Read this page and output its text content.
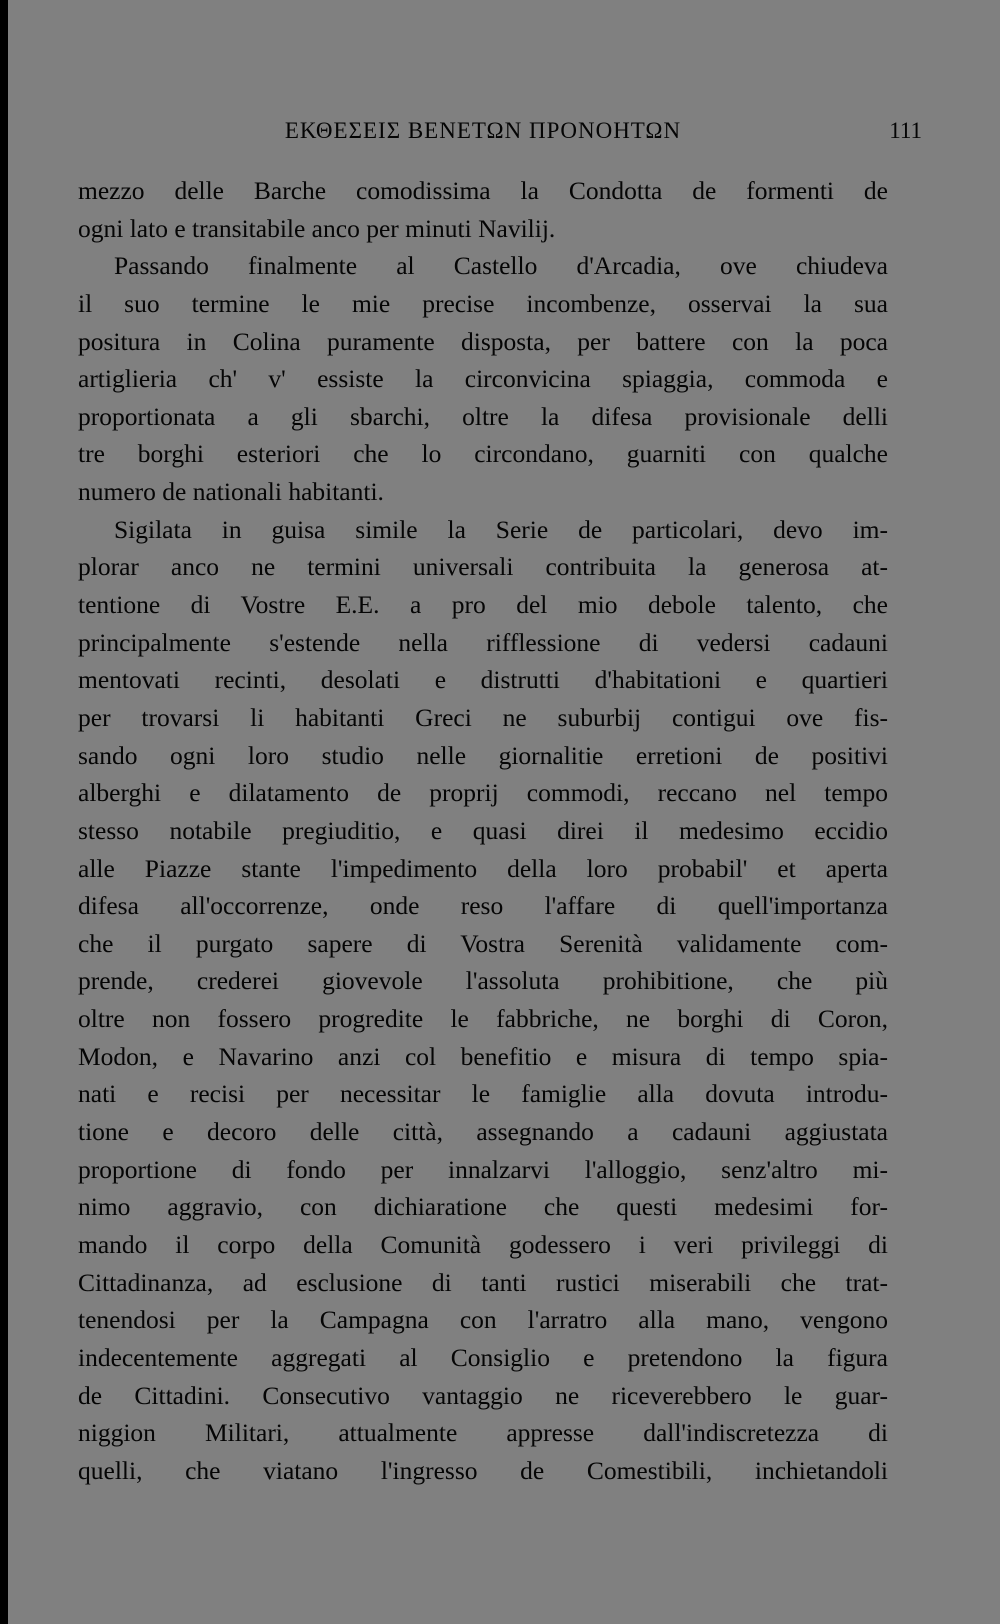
ΕΚΘΕΣΕΙΣ ΒΕΝΕΤΩΝ ΠΡΟΝΟΗΤΩΝ	111
mezzo delle Barche comodissima la Condotta de formenti de
ogni lato e transitabile anco per minuti Navilij.
Passando finalmente al Castello d'Arcadia, ove chiudeva
il suo termine le mie precise incombenze, osservai la sua
positura in Colina puramente disposta, per battere con la poca
artiglieria ch' v' essiste la circonvicina spiaggia, commoda e
proportionata a gli sbarchi, oltre la difesa provisionale delli
tre borghi esteriori che lo circondano, guarniti con qualche
numero de nationali habitanti.
Sigilata in guisa simile la Serie de particolari, devo im-
plorar anco ne termini universali contribuita la generosa at-
tentione di Vostre E.E. a pro del mio debole talento, che
principalmente s'estende nella rifflessione di vedersi cadauni
mentovati recinti, desolati e distrutti d'habitationi e quartieri
per trovarsi li habitanti Greci ne suburbij contigui ove fis-
sando ogni loro studio nelle giornalitie erretioni de positivi
alberghi e dilatamento de proprij commodi, reccano nel tempo
stesso notabile pregiuditio, e quasi direi il medesimo eccidio
alle Piazze stante l'impedimento della loro probabil' et aperta
difesa all'occorrenze, onde reso l'affare di quell'importanza
che il purgato sapere di Vostra Serenità validamente com-
prende, crederei giovevole l'assoluta prohibitione, che più
oltre non fossero progredite le fabbriche, ne borghi di Coron,
Modon, e Navarino anzi col benefitio e misura di tempo spia-
nati e recisi per necessitar le famiglie alla dovuta introdu-
tione e decoro delle città, assegnando a cadauni aggiustata
proportione di fondo per innalzarvi l'alloggio, senz'altro mi-
nimo aggravio, con dichiaratione che questi medesimi for-
mando il corpo della Comunità godessero i veri privileggi di
Cittadinanza, ad esclusione di tanti rustici miserabili che trat-
tenendosi per la Campagna con l'arratro alla mano, vengono
indecentemente aggregati al Consiglio e pretendono la figura
de Cittadini. Consecutivo vantaggio ne riceverebbero le guar-
niggion Militari, attualmente appresse dall'indiscretezza di
quelli, che viatano l'ingresso de Comestibili, inchietandoli
